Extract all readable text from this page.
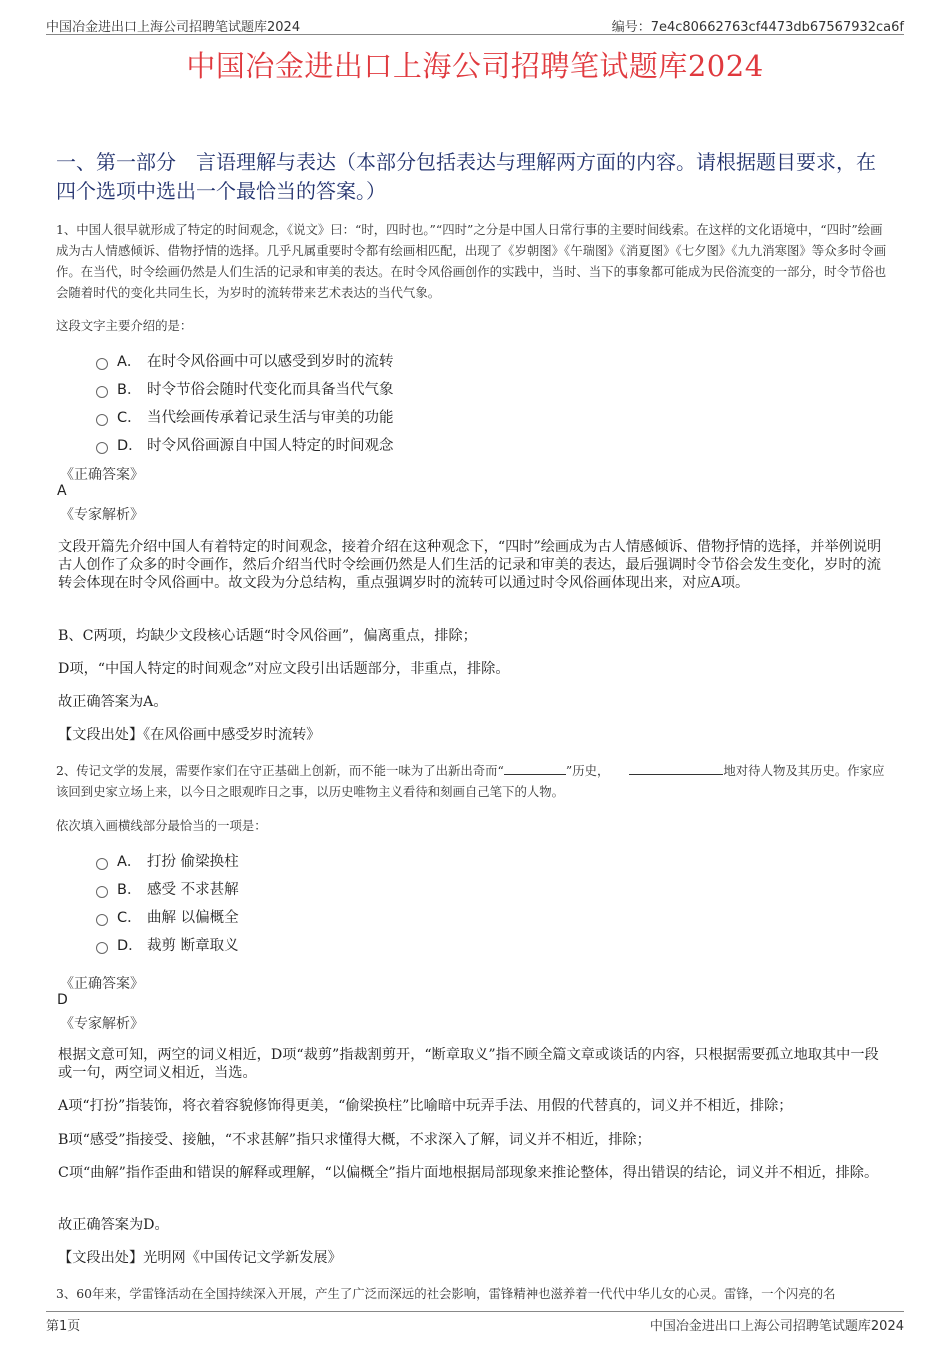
中国冶金进出口上海公司招聘笔试题库2024	编号：7e4c80662763cf4473db67567932ca6f
中国冶金进出口上海公司招聘笔试题库2024
一、第一部分 言语理解与表达（本部分包括表达与理解两方面的内容。请根据题目要求，在四个选项中选出一个最恰当的答案。）
1、中国人很早就形成了特定的时间观念，《说文》曰：“时，四时也。”“四时”之分是中国人日常行事的主要时间线索。在这样的文化语境中，“四时”绘画成为古人情感倾诉、借物抒情的选择。几乎凡属重要时令都有绘画相匹配，出现了《岁朝图》《午瑞图》《消夏图》《七夕图》《九九消寒图》等众多时令画作。在当代，时令绘画仍然是人们生活的记录和审美的表达。在时令风俗画创作的实践中，当时、当下的事象都可能成为民俗流变的一部分，时令节俗也会随着时代的变化共同生长，为岁时的流转带来艺术表达的当代气象。
这段文字主要介绍的是：
A． 在时令风俗画中可以感受到岁时的流转
B． 时令节俗会随时代变化而具备当代气象
C． 当代绘画传承着记录生活与审美的功能
D． 时令风俗画源自中国人特定的时间观念
《正确答案》
A
《专家解析》
文段开篇先介绍中国人有着特定的时间观念，接着介绍在这种观念下，“四时”绘画成为古人情感倾诉、借物抒情的选择，并举例说明古人创作了众多的时令画作，然后介绍当代时令绘画仍然是人们生活的记录和审美的表达，最后强调时令节俗会发生变化，岁时的流转会体现在时令风俗画中。故文段为分总结构，重点强调岁时的流转可以通过时令风俗画体现出来，对应A项。
B、C两项，均缺少文段核心话题“时令风俗画”，偏离重点，排除；
D项，“中国人特定的时间观念”对应文段引出话题部分，非重点，排除。
故正确答案为A。
【文段出处】《在风俗画中感受岁时流转》
2、传记文学的发展，需要作家们在守正基础上创新，而不能一味为了出新出奇而“	”历史，	地对待人物及其历史。作家应该回到史家立场上来，以今日之眼观昨日之事，以历史唯物主义看待和刻画自己笔下的人物。
依次填入画横线部分最恰当的一项是：
A． 打扮 偷梁换柱
B． 感受 不求甚解
C． 曲解 以偏概全
D． 裁剪 断章取义
《正确答案》
D
《专家解析》
根据文意可知，两空的词义相近，D项“裁剪”指裁割剪开，“断章取义”指不顾全篇文章或谈话的内容，只根据需要孤立地取其中一段或一句，两空词义相近，当选。
A项“打扮”指装饰，将衣着容貌修饰得更美，“偷梁换柱”比喻暗中玩弄手法、用假的代替真的，词义并不相近，排除；
B项“感受”指接受、接触，“不求甚解”指只求懂得大概，不求深入了解，词义并不相近，排除；
C项“曲解”指作歪曲和错误的解释或理解，“以偏概全”指片面地根据局部现象来推论整体，得出错误的结论，词义并不相近，排除。
故正确答案为D。
【文段出处】光明网《中国传记文学新发展》
3、60年来，学雷锋活动在全国持续深入开展，产生了广泛而深远的社会影响，雷锋精神也滋养着一代代中华儿女的心灵。雷锋，一个闪亮的名
第1页	中国冶金进出口上海公司招聘笔试题库2024
